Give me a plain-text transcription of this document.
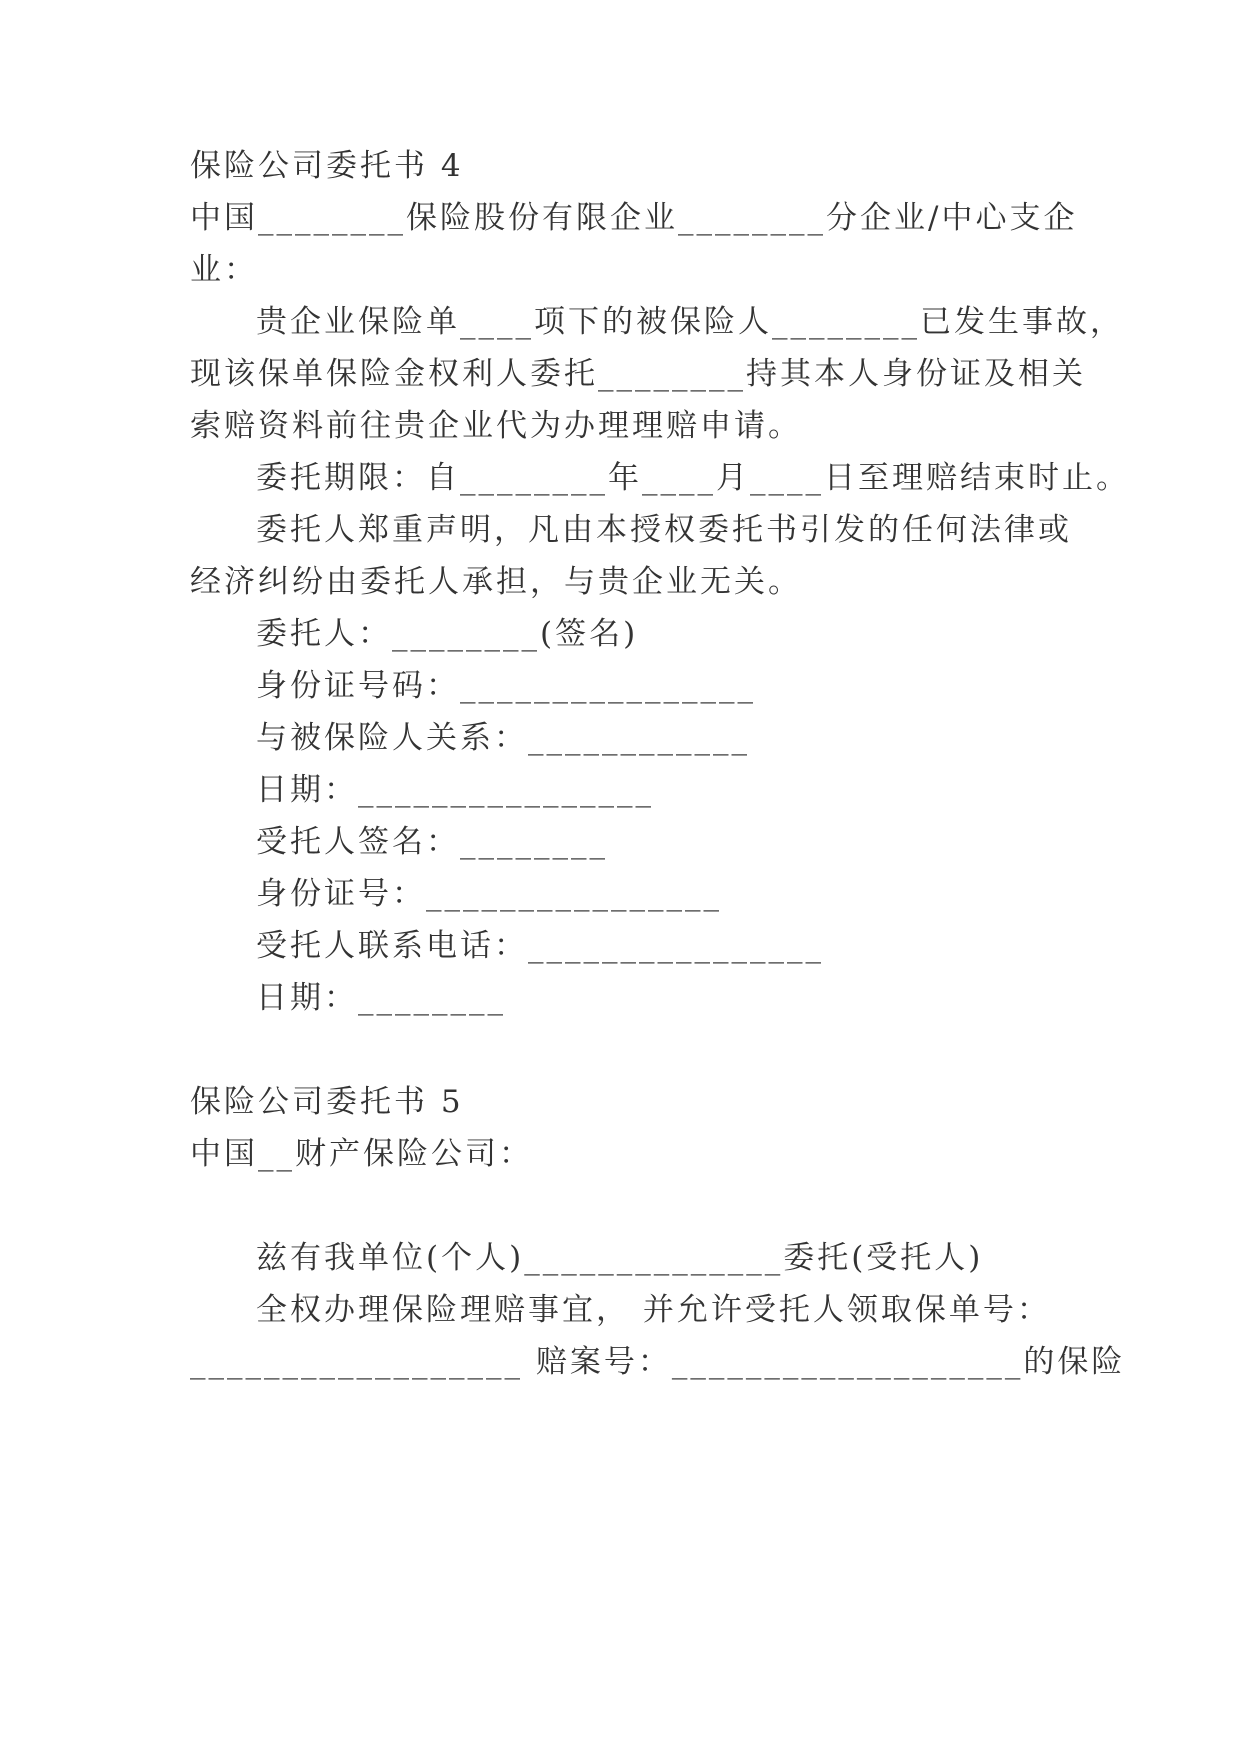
保险公司委托书 4
中国________保险股份有限企业________分企业/中心支企
业：
贵企业保险单____项下的被保险人________已发生事故，
现该保单保险金权利人委托________持其本人身份证及相关
索赔资料前往贵企业代为办理理赔申请。
委托期限：自________年____月____日至理赔结束时止。
委托人郑重声明，凡由本授权委托书引发的任何法律或
经济纠纷由委托人承担，与贵企业无关。
委托人：________(签名)
身份证号码：________________
与被保险人关系：____________
日期：________________
受托人签名：________
身份证号：________________
受托人联系电话：________________
日期：________
保险公司委托书 5
中国__财产保险公司：
兹有我单位(个人)______________委托(受托人)
全权办理保险理赔事宜， 并允许受托人领取保单号：
__________________ 赔案号：___________________的保险
